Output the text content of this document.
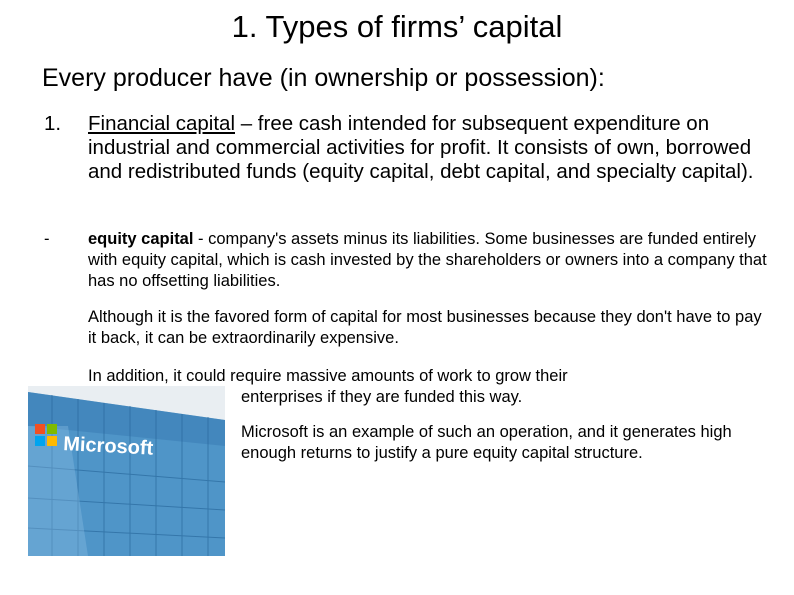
1. Types of firms’ capital
Every producer have (in ownership or possession):
1. Financial capital – free cash intended for subsequent expenditure on industrial and commercial activities for profit. It consists of own, borrowed and redistributed funds (equity capital, debt capital, and specialty capital).
- equity capital - company's assets minus its liabilities. Some businesses are funded entirely with equity capital, which is cash invested by the shareholders or owners into a company that has no offsetting liabilities.
Although it is the favored form of capital for most businesses because they don't have to pay it back, it can be extraordinarily expensive.
In addition, it could require massive amounts of work to grow their
enterprises if they are funded this way.
Microsoft is an example of such an operation, and it generates high enough returns to justify a pure equity capital structure.
Microsoft
